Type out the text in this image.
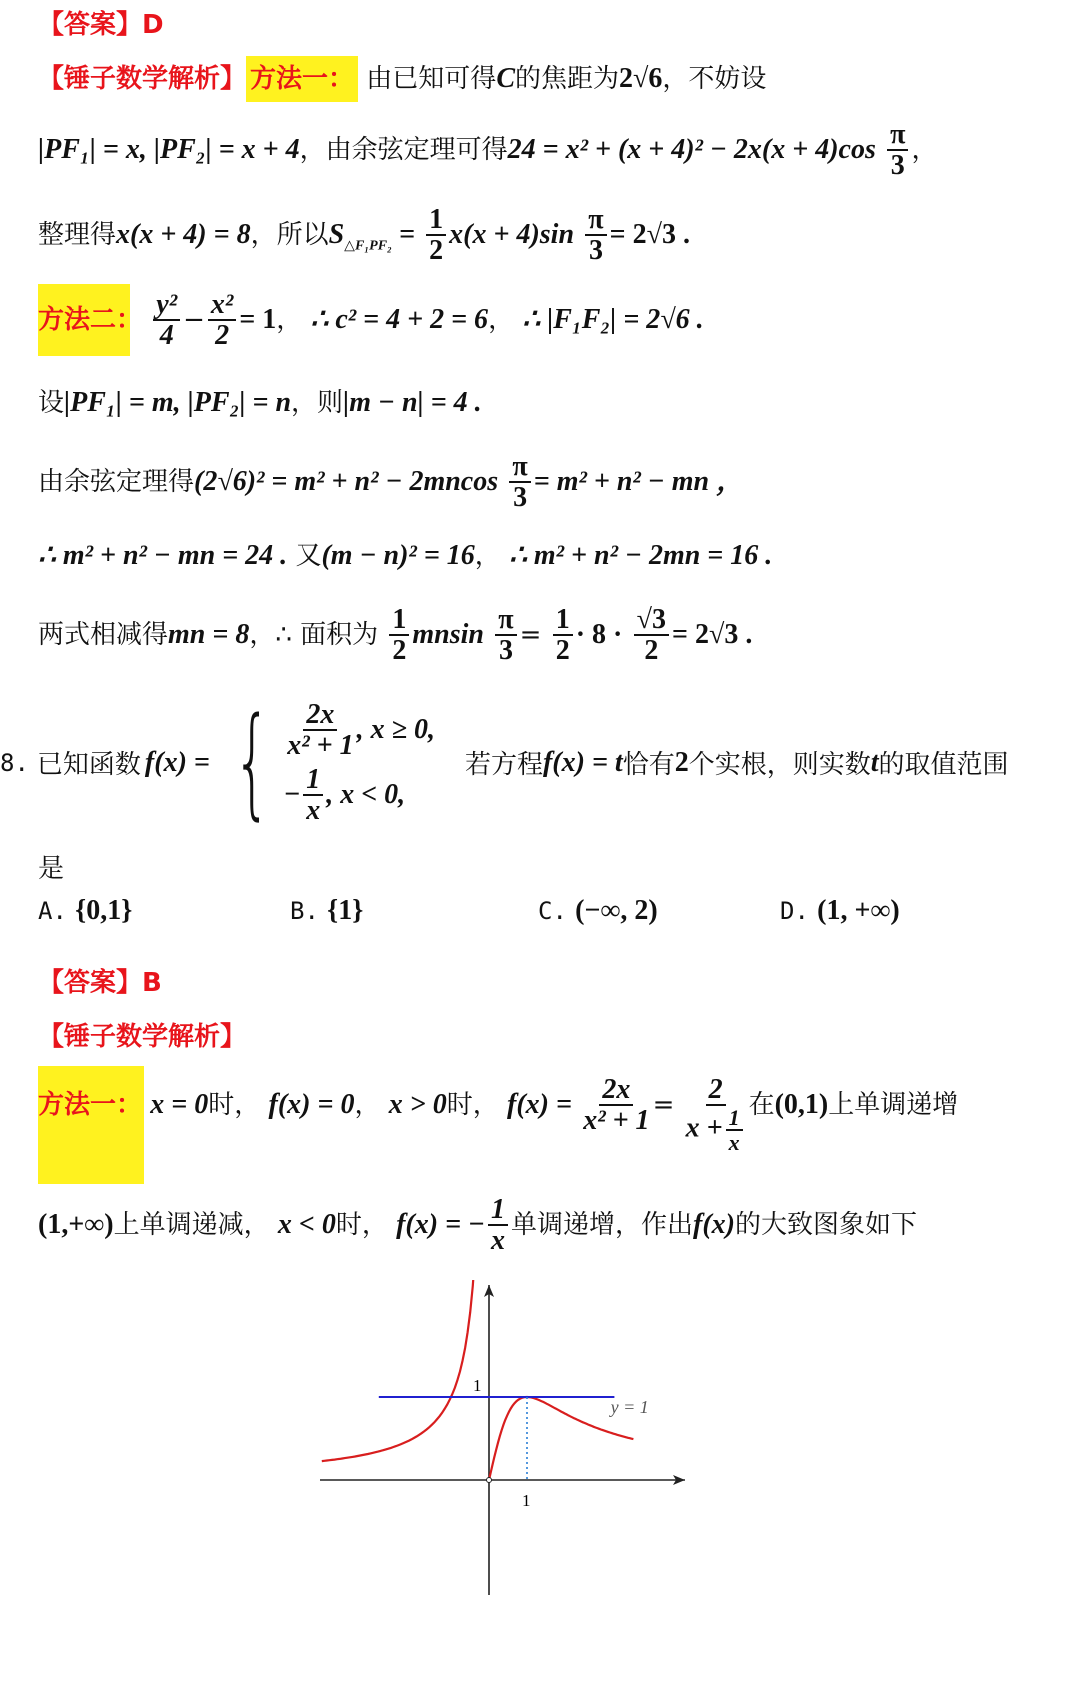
【答案】D
【锤子数学解析】 方法一： 由已知可得C的焦距为2√6，不妨设
|PF₁| = x, |PF₂| = x + 4，由余弦定理可得$24 = x^2 + (x + 4)^2 - 2x(x + 4)\cos \frac{\pi}{3}$ ，
整理得x(x + 4) = 8，所以$S_{\triangle F_1PF_2} = \frac{1}{2} x(x + 4)\sin \frac{\pi}{3} = 2√3$ .
方法二： $\frac{\text{y²}}{4} - \frac{\text{x²}}{2} = 1$， ∴ c² = 4 + 2 = 6， ∴ |F₁F₂| = 2√6 .
设|PF₁| = m, |PF₂| = n，则|m − n| = 4 .
由余弦定理得$(2√6)^2 = m^2 + n^2 - 2mncos \frac{\pi}{3} = m^2 + n^2$ − mn ，
∴ m² + n² − mn = 24 . 又(m − n)² = 16， ∴ m² + n² − 2mn = 16 .
两式相减得mn = 8，∴ 面积为 $\frac{1}{2}$ mnsin $\frac{\pi}{3} = \frac{1}{2} \cdot 8 \cdot \frac{√3}{2} = 2√3$ .
8. 已知函数 f(x) = { $\frac{2x}{\text{x² + 1}}$ , x ≥ 0,
− $\frac{1}{x}$ , x < 0,
若方程 f(x) = t 恰有 2 个实根，则实数 t 的取值范围
是
A. {0,1}	B. {1}	C. (−∞, 2)	D. (1, +∞)
【答案】B
【锤子数学解析】
方法一： x = 0时， f(x) = 0， x > 0时， $f(x) = \frac{2x}{\text{x² + 1}} = \frac{2}{x + \frac{1}{x}}$ 在(0,1)上单调递增
(1,+∞)上单调递减， x < 0时， f(x) = − $\frac{1}{x}$ 单调递增，作出f(x)的大致图象如下
1
1
y = 1
